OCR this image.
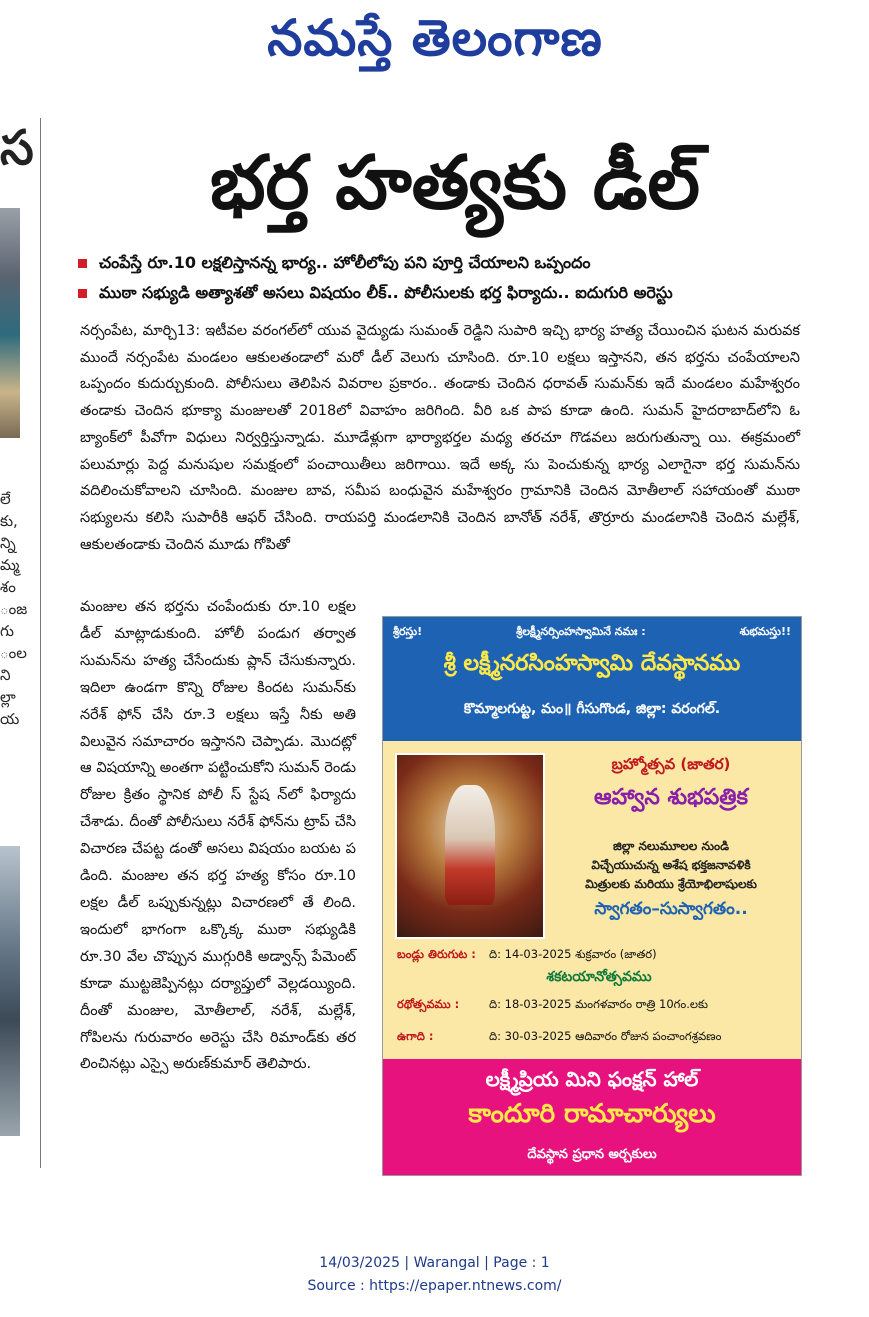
నమస్తే తెలంగాణ
స
లే
కు,
న్ని
మ్మ
శం
ంజ
గు
ంల
ని
ల్లా
య
భర్త హత్యకు డీల్
చంపేస్తే రూ.10 లక్షలిస్తానన్న భార్య.. హోలీలోపు పని పూర్తి చేయాలని ఒప్పందం
ముఠా సభ్యుడి అత్యాశతో అసలు విషయం లీక్.. పోలీసులకు భర్త ఫిర్యాదు.. ఐదుగురి అరెస్టు

నర్సంపేట, మార్చి13: ఇటీవల వరంగల్‌లో యువ వైద్యుడు సుమంత్ రెడ్డిని సుపారి ఇచ్చి భార్య హత్య చేయించిన ఘటన మరువక ముందే నర్సంపేట మండలం ఆకులతండాలో మరో డీల్ వెలుగు చూసింది. రూ.10 లక్షలు ఇస్తానని, తన భర్తను చంపేయాలని ఒప్పందం కుదుర్చుకుంది. పోలీసులు తెలిపిన వివరాల ప్రకారం.. తండాకు చెందిన ధరావత్ సుమన్‌కు ఇదే మండలం మహేశ్వరం తండాకు చెందిన భూక్యా మంజులతో 2018లో వివాహం జరిగింది. వీరి ఒక పాప కూడా ఉంది. సుమన్ హైదరాబాద్‌లోని ఓ బ్యాంక్‌లో పీవోగా విధులు నిర్వర్తిస్తున్నాడు. మూడేళ్లుగా భార్యాభర్తల మధ్య తరచూ గొడవలు జరుగుతున్నా యి. ఈక్రమంలో పలుమార్లు పెద్ద మనుషుల సమక్షంలో పంచాయితీలు జరిగాయి. ఇదే అక్క సు పెంచుకున్న భార్య ఎలాగైనా భర్త సుమన్‌ను వదిలించుకోవాలని చూసింది. మంజుల బావ, సమీప బంధువైన మహేశ్వరం గ్రామానికి చెందిన మోతీలాల్ సహాయంతో ముఠా సభ్యులను కలిసి సుపారీకి ఆఫర్ చేసింది. రాయపర్తి మండలానికి చెందిన బానోత్ నరేశ్, తొర్రూరు మండలానికి చెందిన మల్లేశ్, ఆకులతండాకు చెందిన మూడు గోపితో

మంజుల తన భర్తను చంపేందుకు రూ.10 లక్షల డీల్ మాట్లాడుకుంది. హోలీ పండుగ తర్వాత సుమన్‌ను హత్య చేసేందుకు ప్లాన్ చేసుకున్నారు. ఇదిలా ఉండగా కొన్ని రోజుల కిందట సుమన్‌కు నరేశ్ ఫోన్ చేసి రూ.3 లక్షలు ఇస్తే నీకు అతి విలువైన సమాచారం ఇస్తానని చెప్పాడు. మొదట్లో ఆ విషయాన్ని అంతగా పట్టించుకోని సుమన్ రెండు రోజుల క్రితం స్థానిక పోలీ స్ స్టేష న్‌లో ఫిర్యాదు చేశాడు. దీంతో పోలీసులు నరేశ్ ఫోన్‌ను ట్రాప్ చేసి విచారణ చేపట్ట డంతో అసలు విషయం బయట ప డింది. మంజుల తన భర్త హత్య కోసం రూ.10 లక్షల డీల్ ఒప్పుకున్నట్లు విచారణలో తే లింది. ఇందులో భాగంగా ఒక్కొక్క ముఠా సభ్యుడికి రూ.30 వేల చొప్పున ముగ్గురికి అడ్వాన్స్ పేమెంట్ కూడా ముట్టజెప్పినట్లు దర్యాప్తులో వెల్లడయ్యింది. దీంతో మంజుల, మోతీలాల్, నరేశ్, మల్లేశ్, గోపిలను గురువారం అరెస్టు చేసి రిమాండ్‌కు తర లించినట్లు ఎస్సై అరుణ్‌కుమార్ తెలిపారు.

శ్రీరస్తు!	శ్రీలక్ష్మీనర్సింహస్వామినే నమః :	శుభమస్తు!!
శ్రీ లక్ష్మీనరసింహస్వామి దేవస్థానము
కొమ్మాలగుట్ట, మం॥ గీసుగొండ, జిల్లా: వరంగల్.
బ్రహ్మోత్సవ (జాతర)
ఆహ్వాన శుభపత్రిక
జిల్లా నలుమూలల నుండి
విచ్చేయుచున్న అశేష భక్తజనావళికి
మిత్రులకు మరియు శ్రేయోభిలాషులకు
స్వాగతం–సుస్వాగతం..
బండ్లు తిరుగుట : ది: 14-03-2025 శుక్రవారం (జాతర)
శకటయానోత్సవము
రథోత్సవము :	ది: 18-03-2025 మంగళవారం రాత్రి 10గం.లకు
ఉగాది :	ది: 30-03-2025 ఆదివారం రోజున పంచాంగశ్రవణం
లక్ష్మీప్రియ మిని ఫంక్షన్ హాల్
కాందూరి రామాచార్యులు
దేవస్థాన ప్రధాన అర్చకులు
14/03/2025 | Warangal | Page : 1
Source : https://epaper.ntnews.com/
